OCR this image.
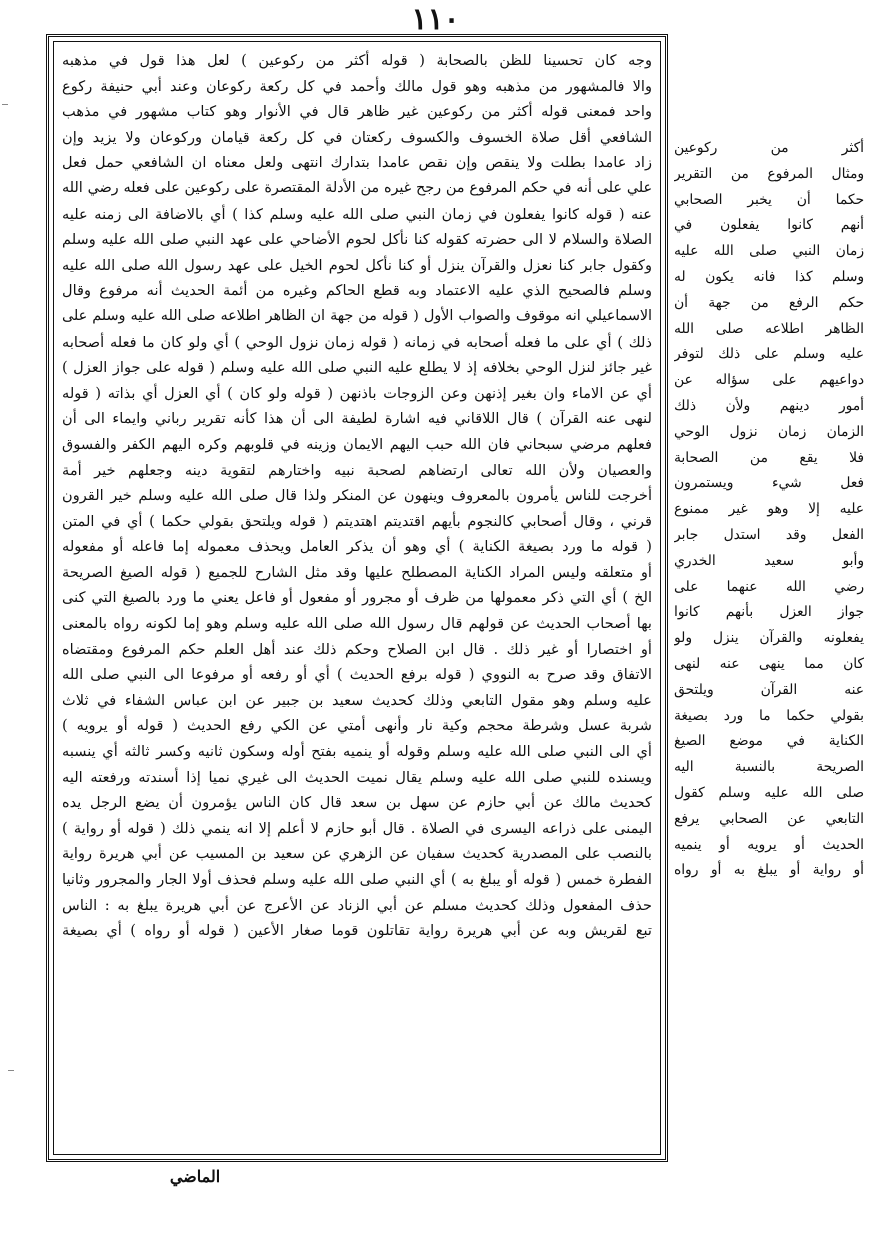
١١٠
وجه كان تحسينا للظن بالصحابة ( قوله أكثر من ركوعين ) لعل هذا قول في مذهبه
والا فالمشهور من مذهبه وهو قول مالك وأحمد في كل ركعة ركوعان وعند أبي حنيفة ركوع
واحد فمعنى قوله أكثر من ركوعين غير ظاهر قال في الأنوار وهو كتاب مشهور في مذهب
الشافعي أقل صلاة الخسوف والكسوف ركعتان في كل ركعة قيامان وركوعان ولا يزيد وإن
زاد عامدا بطلت ولا ينقص وإن نقص عامدا بتدارك انتهى ولعل معناه ان الشافعي حمل فعل
علي على أنه في حكم المرفوع من رجح غيره من الأدلة المقتصرة على ركوعين على فعله رضي الله
عنه ( قوله كانوا يفعلون في زمان النبي صلى الله عليه وسلم كذا ) أي بالاضافة الى زمنه عليه
الصلاة والسلام لا الى حضرته كقوله كنا نأكل لحوم الأضاحي على عهد النبي صلى الله عليه وسلم
وكقول جابر كنا نعزل والقرآن ينزل أو كنا نأكل لحوم الخيل على عهد رسول الله صلى الله عليه
وسلم فالصحيح الذي عليه الاعتماد وبه قطع الحاكم وغيره من أئمة الحديث أنه مرفوع وقال
الاسماعيلي انه موقوف والصواب الأول ( قوله من جهة ان الظاهر اطلاعه صلى الله عليه وسلم على
ذلك ) أي على ما فعله أصحابه في زمانه ( قوله زمان نزول الوحي ) أي ولو كان ما فعله أصحابه
غير جائز لنزل الوحي بخلافه إذ لا يطلع عليه النبي صلى الله عليه وسلم ( قوله على جواز العزل )
أي عن الاماء وان بغير إذنهن وعن الزوجات باذنهن ( قوله ولو كان ) أي العزل أي بذاته ( قوله
لنهى عنه القرآن ) قال اللاقاني فيه اشارة لطيفة الى أن هذا كأنه تقرير رباني وايماء الى أن
فعلهم مرضي سبحاني فان الله حبب اليهم الايمان وزينه في قلوبهم وكره اليهم الكفر والفسوق
والعصيان ولأن الله تعالى ارتضاهم لصحبة نبيه واختارهم لتقوية دينه وجعلهم خير أمة
أخرجت للناس يأمرون بالمعروف وينهون عن المنكر ولذا قال صلى الله عليه وسلم خير القرون
قرني ، وقال أصحابي كالنجوم بأيهم اقتديتم اهتديتم ( قوله ويلتحق بقولي حكما ) أي في المتن
( قوله ما ورد بصيغة الكناية ) أي وهو أن يذكر العامل ويحذف معموله إما فاعله أو مفعوله
أو متعلقه وليس المراد الكناية المصطلح عليها وقد مثل الشارح للجميع ( قوله الصيغ الصريحة
الخ ) أي التي ذكر معمولها من ظرف أو مجرور أو مفعول أو فاعل يعني ما ورد بالصيغ التي كنى
بها أصحاب الحديث عن قولهم قال رسول الله صلى الله عليه وسلم وهو إما لكونه رواه بالمعنى
أو اختصارا أو غير ذلك . قال ابن الصلاح وحكم ذلك عند أهل العلم حكم المرفوع ومقتضاه
الاتفاق وقد صرح به النووي ( قوله برفع الحديث ) أي أو رفعه أو مرفوعا الى النبي صلى الله
عليه وسلم وهو مقول التابعي وذلك كحديث سعيد بن جبير عن ابن عباس الشفاء في ثلاث
شربة عسل وشرطة محجم وكية نار وأنهى أمتي عن الكي رفع الحديث ( قوله أو يرويه )
أي الى النبي صلى الله عليه وسلم وقوله أو ينميه بفتح أوله وسكون ثانيه وكسر ثالثه أي ينسبه
ويسنده للنبي صلى الله عليه وسلم يقال نميت الحديث الى غيري نميا إذا أسندته ورفعته اليه
كحديث مالك عن أبي حازم عن سهل بن سعد قال كان الناس يؤمرون أن يضع الرجل يده
اليمنى على ذراعه اليسرى في الصلاة . قال أبو حازم لا أعلم إلا انه ينمي ذلك ( قوله أو رواية )
بالنصب على المصدرية كحديث سفيان عن الزهري عن سعيد بن المسيب عن أبي هريرة رواية
الفطرة خمس ( قوله أو يبلغ به ) أي النبي صلى الله عليه وسلم فحذف أولا الجار والمجرور وثانيا
حذف المفعول وذلك كحديث مسلم عن أبي الزناد عن الأعرج عن أبي هريرة يبلغ به : الناس
تبع لقريش وبه عن أبي هريرة رواية تقاتلون قوما صغار الأعين ( قوله أو رواه ) أي بصيغة
أكثر من ركوعين
ومثال المرفوع من التقرير
حكما أن يخبر الصحابي
أنهم كانوا يفعلون في
زمان النبي صلى الله عليه
وسلم كذا فانه يكون له
حكم الرفع من جهة أن
الظاهر اطلاعه صلى الله
عليه وسلم على ذلك لتوفر
دواعيهم على سؤاله عن
أمور دينهم ولأن ذلك
الزمان زمان نزول الوحي
فلا يقع من الصحابة
فعل شيء ويستمرون
عليه إلا وهو غير ممنوع
الفعل وقد استدل جابر
وأبو سعيد الخدري
رضي الله عنهما على
جواز العزل بأنهم كانوا
يفعلونه والقرآن ينزل ولو
كان مما ينهى عنه لنهى
عنه القرآن ويلتحق
بقولي حكما ما ورد بصيغة
الكناية في موضع الصيغ
الصريحة بالنسبة اليه
صلى الله عليه وسلم كقول
التابعي عن الصحابي يرفع
الحديث أو يرويه أو ينميه
أو رواية أو يبلغ به أو رواه
الماضي
